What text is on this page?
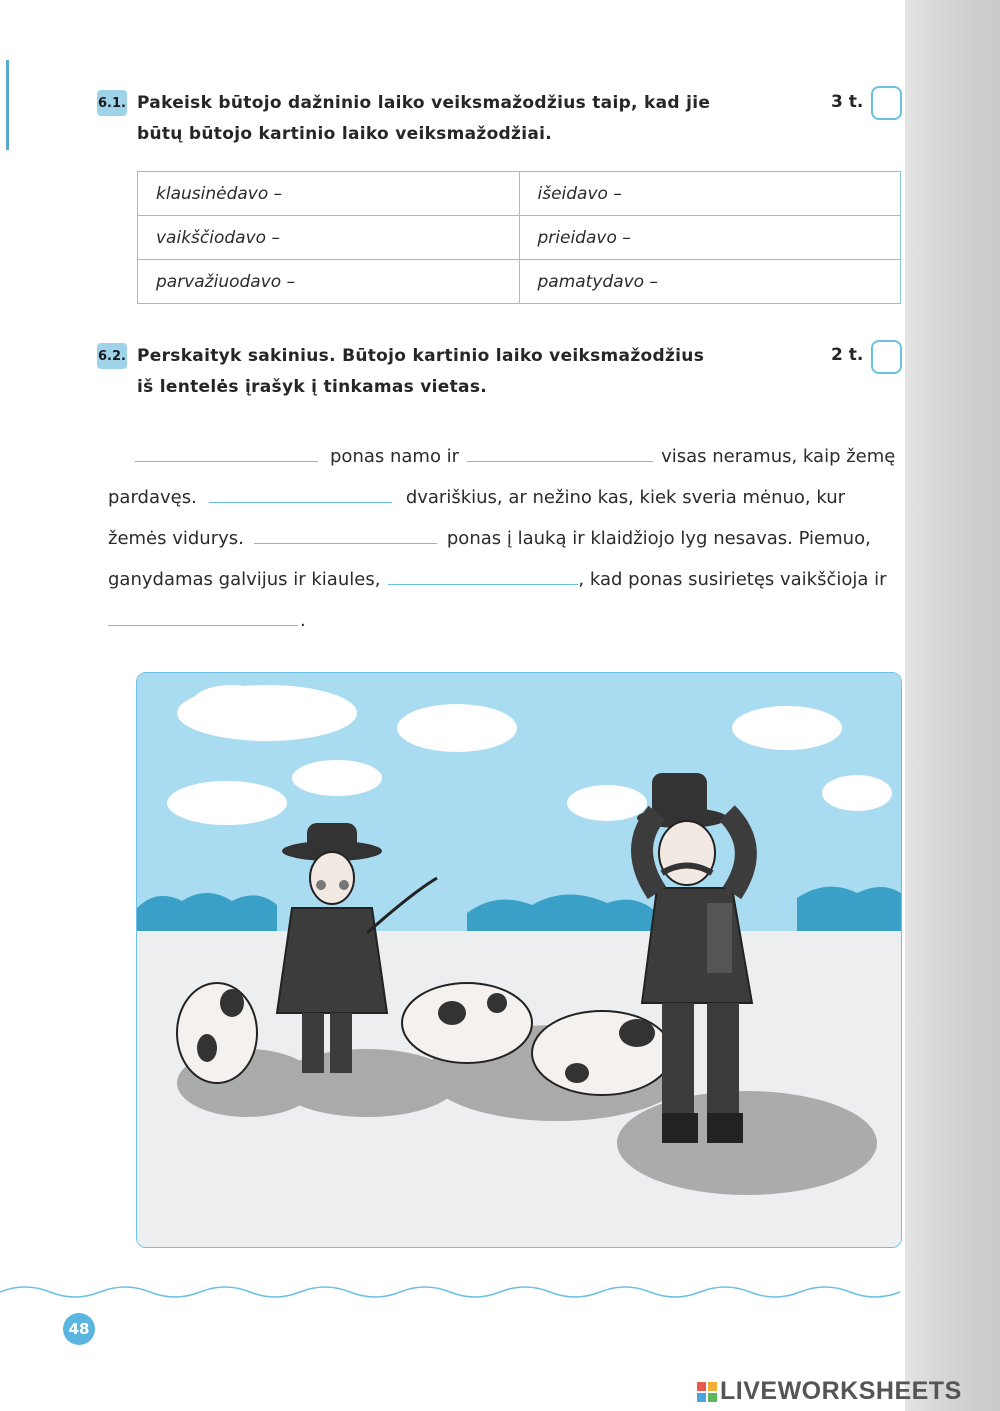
6.1. Pakeisk būtojo dažninio laiko veiksmažodžius taip, kad jie
būtų būtojo kartinio laiko veiksmažodžiai.
3 t.
klausinėdavo –	išeidavo –
vaikščiodavo –	prieidavo –
parvažiuodavo –	pamatydavo –
6.2. Perskaityk sakinius. Būtojo kartinio laiko veiksmažodžius
iš lentelės įrašyk į tinkamas vietas.
2 t.
ponas namo ir	visas neramus, kaip žemę
pardavęs.	dvariškius, ar nežino kas, kiek sveria mėnuo, kur
žemės vidurys.	ponas į lauką ir klaidžiojo lyg nesavas. Piemuo,
ganydamas galvijus ir kiaules,	, kad ponas susirietęs vaikščioja ir
.
48
LIVEWORKSHEETS
